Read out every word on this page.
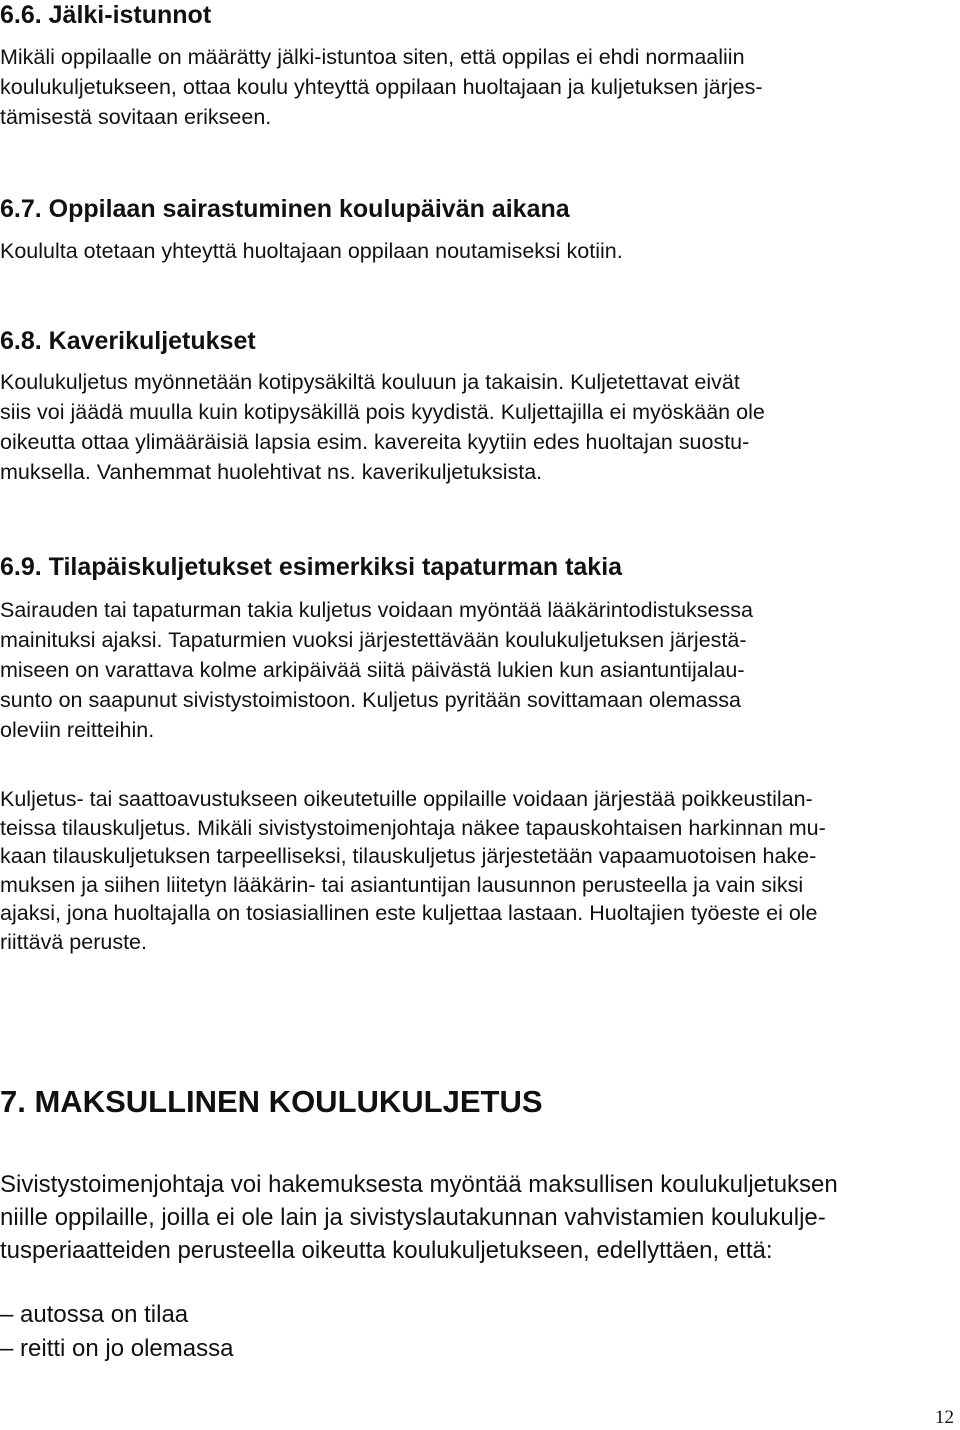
6.6. Jälki-istunnot
Mikäli oppilaalle on määrätty jälki-istuntoa siten, että oppilas ei ehdi normaaliin
koulukuljetukseen, ottaa koulu yhteyttä oppilaan huoltajaan ja kuljetuksen järjes-
tämisestä sovitaan erikseen.
6.7. Oppilaan sairastuminen koulupäivän aikana
Koululta otetaan yhteyttä huoltajaan oppilaan noutamiseksi kotiin.
6.8. Kaverikuljetukset
Koulukuljetus myönnetään kotipysäkiltä kouluun ja takaisin. Kuljetettavat eivät
siis voi jäädä muulla kuin kotipysäkillä pois kyydistä. Kuljettajilla ei myöskään ole
oikeutta ottaa ylimääräisiä lapsia esim. kavereita kyytiin edes huoltajan suostu-
muksella. Vanhemmat huolehtivat ns. kaverikuljetuksista.
6.9. Tilapäiskuljetukset esimerkiksi tapaturman takia
Sairauden tai tapaturman takia kuljetus voidaan myöntää lääkärintodistuksessa
mainituksi ajaksi. Tapaturmien vuoksi järjestettävään koulukuljetuksen järjestä-
miseen on varattava kolme arkipäivää siitä päivästä lukien kun asiantuntijalau-
sunto on saapunut sivistystoimistoon. Kuljetus pyritään sovittamaan olemassa
oleviin reitteihin.
Kuljetus- tai saattoavustukseen oikeutetuille oppilaille voidaan järjestää poikkeustilan-
teissa tilauskuljetus. Mikäli sivistystoimenjohtaja näkee tapauskohtaisen harkinnan mu-
kaan tilauskuljetuksen tarpeelliseksi, tilauskuljetus järjestetään vapaamuotoisen hake-
muksen ja siihen liitetyn lääkärin- tai asiantuntijan lausunnon perusteella ja vain siksi
ajaksi, jona huoltajalla on tosiasiallinen este kuljettaa lastaan. Huoltajien työeste ei ole
riittävä peruste.
7. MAKSULLINEN KOULUKULJETUS
Sivistystoimenjohtaja voi hakemuksesta myöntää maksullisen koulukuljetuksen
niille oppilaille, joilla ei ole lain ja sivistyslautakunnan vahvistamien koulukulje-
tusperiaatteiden perusteella oikeutta koulukuljetukseen, edellyttäen, että:
– autossa on tilaa
– reitti on jo olemassa
12
